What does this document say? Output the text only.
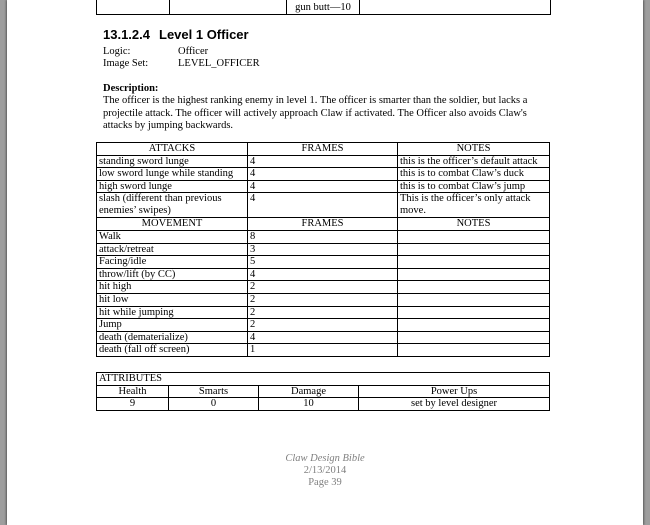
		gun butt—10	
13.1.2.4 Level 1 Officer
Logic:	Officer
Image Set:	LEVEL_OFFICER
Description:
The officer is the highest ranking enemy in level 1. The officer is smarter than the soldier, but lacks a projectile attack. The officer will actively approach Claw if activated. The Officer also avoids Claw's attacks by jumping backwards.
ATTACKS	FRAMES	NOTES
standing sword lunge	4	this is the officer’s default attack
low sword lunge while standing	4	this is to combat Claw’s duck
high sword lunge	4	this is to combat Claw’s jump
slash (different than previous enemies’ swipes)	4	This is the officer’s only attack move.
MOVEMENT	FRAMES	NOTES
Walk	8	
attack/retreat	3	
Facing/idle	5	
throw/lift (by CC)	4	
hit high	2	
hit low	2	
hit while jumping	2	
Jump	2	
death (dematerialize)	4	
death (fall off screen)	1	
ATTRIBUTES			
Health	Smarts	Damage	Power Ups
9	0	10	set by level designer
Claw Design Bible
2/13/2014
Page 39
